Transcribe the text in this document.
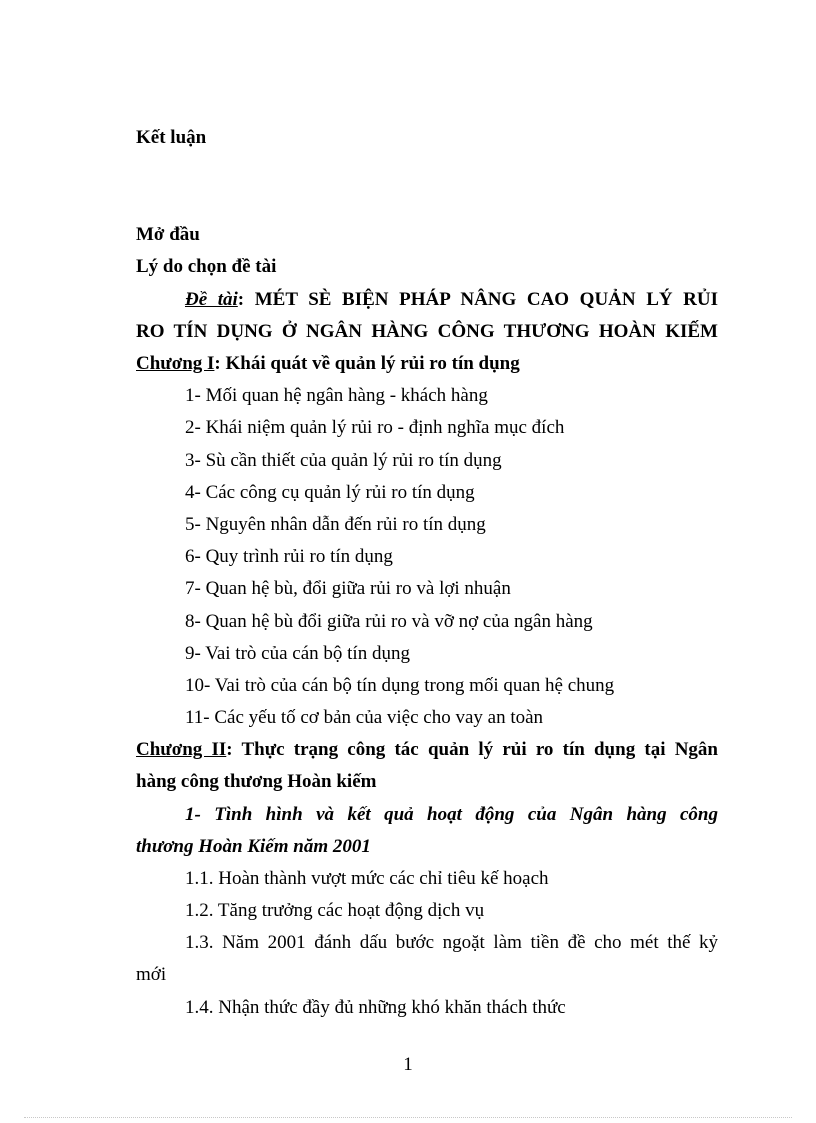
Kết luận
Mở đầu
Lý do chọn đề tài
Đề tài: MÉT SÈ BIỆN PHÁP NÂNG CAO QUẢN LÝ RỦI
RO TÍN DỤNG Ở NGÂN HÀNG CÔNG THƯƠNG HOÀN KIẾM
Chương I: Khái quát về quản lý rủi ro tín dụng
1- Mối quan hệ ngân hàng - khách hàng
2- Khái niệm quản lý rủi ro - định nghĩa mục đích
3- Sù cần thiết của quản lý rủi ro tín dụng
4- Các công cụ quản lý rủi ro tín dụng
5- Nguyên nhân dẫn đến rủi ro tín dụng
6- Quy trình rủi ro tín dụng
7- Quan hệ bù, đổi giữa rủi ro và lợi nhuận
8- Quan hệ bù đổi giữa rủi ro và vỡ nợ của ngân hàng
9- Vai trò của cán bộ tín dụng
10- Vai trò của cán bộ tín dụng trong mối quan hệ chung
11- Các yếu tố cơ bản của việc cho vay an toàn
Chương II: Thực trạng công tác quản lý rủi ro tín dụng tại Ngân
hàng công thương Hoàn kiếm
1- Tình hình và kết quả hoạt động của Ngân hàng công
thương Hoàn Kiếm năm 2001
1.1. Hoàn thành vượt mức các chỉ tiêu kế hoạch
1.2. Tăng trưởng các hoạt động dịch vụ
1.3. Năm 2001 đánh dấu bước ngoặt làm tiền đề cho mét thế kỷ
mới
1.4. Nhận thức đầy đủ những khó khăn thách thức
1
